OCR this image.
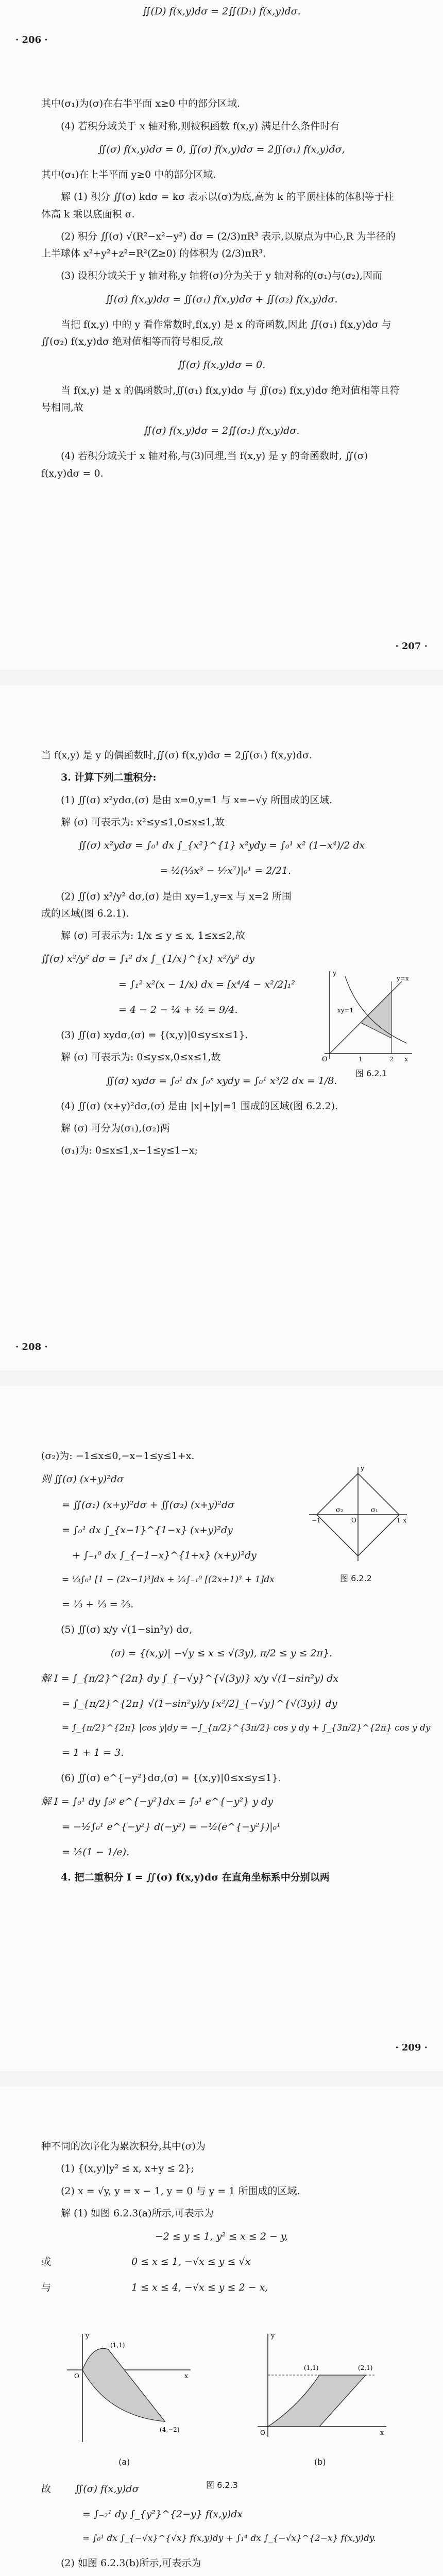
∬(D) f(x,y)dσ = 2∬(D₁) f(x,y)dσ.
· 206 ·

其中(σ₁)为(σ)在右半平面 x≥0 中的部分区域.

(4) 若积分域关于 x 轴对称,则被积函数 f(x,y) 满足什么条件时有

∬(σ) f(x,y)dσ = 0, ∬(σ) f(x,y)dσ = 2∬(σ₁) f(x,y)dσ,

其中(σ₁)在上半平面 y≥0 中的部分区域.

解 (1) 积分 ∬(σ) kdσ = kσ 表示以(σ)为底,高为 k 的平顶柱体的体积等于柱体高 k 乘以底面积 σ.

(2) 积分 ∬(σ) √(R²−x²−y²) dσ = (2/3)πR³ 表示,以原点为中心,R 为半径的上半球体 x²+y²+z²=R²(Z≥0) 的体积为 (2/3)πR³.

(3) 设积分域关于 y 轴对称,y 轴将(σ)分为关于 y 轴对称的(σ₁)与(σ₂),因而

∬(σ) f(x,y)dσ = ∬(σ₁) f(x,y)dσ + ∬(σ₂) f(x,y)dσ.

当把 f(x,y) 中的 y 看作常数时,f(x,y) 是 x 的奇函数,因此 ∬(σ₁) f(x,y)dσ 与 ∬(σ₂) f(x,y)dσ 绝对值相等而符号相反,故

∬(σ) f(x,y)dσ = 0.

当 f(x,y) 是 x 的偶函数时,∬(σ₁) f(x,y)dσ 与 ∬(σ₂) f(x,y)dσ 绝对值相等且符号相同,故

∬(σ) f(x,y)dσ = 2∬(σ₁) f(x,y)dσ.

(4) 若积分域关于 x 轴对称,与(3)同理,当 f(x,y) 是 y 的奇函数时, ∬(σ) f(x,y)dσ = 0.

· 207 ·

当 f(x,y) 是 y 的偶函数时,∬(σ) f(x,y)dσ = 2∬(σ₁) f(x,y)dσ.

3. 计算下列二重积分:

(1) ∬(σ) x²ydσ,(σ) 是由 x=0,y=1 与 x=−√y 所围成的区域.

解 (σ) 可表示为: x²≤y≤1,0≤x≤1,故

∬(σ) x²ydσ = ∫₀¹ dx ∫_{x²}^{1} x²ydy = ∫₀¹ x² (1−x⁴)/2 dx
= ½(⅓x³ − ⅐x⁷)|₀¹ = 2/21.

(2) ∬(σ) x²/y² dσ,(σ) 是由 xy=1,y=x 与 x=2 所围成的区域(图 6.2.1).

解 (σ) 可表示为: 1/x ≤ y ≤ x, 1≤x≤2,故

∬(σ) x²/y² dσ = ∫₁² dx ∫_{1/x}^{x} x²/y² dy
= ∫₁² x²(x − 1/x) dx = [x⁴/4 − x²/2]₁²
= 4 − 2 − ¼ + ½ = 9/4.

(3) ∬(σ) xydσ,(σ) = {(x,y)|0≤y≤x≤1}.

解 (σ) 可表示为: 0≤y≤x,0≤x≤1,故

∬(σ) xydσ = ∫₀¹ dx ∫₀ˣ xydy = ∫₀¹ x³/2 dx = 1/8.

(4) ∬(σ) (x+y)²dσ,(σ) 是由 |x|+|y|=1 围成的区域(图 6.2.2).

解 (σ) 可分为(σ₁),(σ₂)两

(σ₁)为: 0≤x≤1,x−1≤y≤1−x;

x
y
O	1	2
xy=1
y=x
图 6.2.1
· 208 ·

(σ₂)为: −1≤x≤0,−x−1≤y≤1+x.

则 ∬(σ) (x+y)²dσ
= ∬(σ₁) (x+y)²dσ + ∬(σ₂) (x+y)²dσ
= ∫₀¹ dx ∫_{x−1}^{1−x} (x+y)²dy
+ ∫₋₁⁰ dx ∫_{−1−x}^{1+x} (x+y)²dy
= ⅓∫₀¹ [1 − (2x−1)³]dx + ⅓∫₋₁⁰ [(2x+1)³ + 1]dx
= ⅓ + ⅓ = ⅔.

(5) ∬(σ) x/y √(1−sin²y) dσ,

(σ) = {(x,y)| −√y ≤ x ≤ √(3y), π/2 ≤ y ≤ 2π}.
解 I = ∫_{π/2}^{2π} dy ∫_{−√y}^{√(3y)} x/y √(1−sin²y) dx
= ∫_{π/2}^{2π} √(1−sin²y)/y [x²/2]_{−√y}^{√(3y)} dy
= ∫_{π/2}^{2π} |cos y|dy = −∫_{π/2}^{3π/2} cos y dy + ∫_{3π/2}^{2π} cos y dy
= 1 + 1 = 3.

(6) ∬(σ) e^{−y²}dσ,(σ) = {(x,y)|0≤x≤y≤1}.

解 I = ∫₀¹ dy ∫₀ʸ e^{−y²}dx = ∫₀¹ e^{−y²} y dy
= −½∫₀¹ e^{−y²} d(−y²) = −½(e^{−y²})|₀¹
= ½(1 − 1/e).

4. 把二重积分 I = ∬(σ) f(x,y)dσ 在直角坐标系中分别以两

x
y
O
σ₁
σ₂
1
−1
图 6.2.2
· 209 ·

种不同的次序化为累次积分,其中(σ)为

(1) {(x,y)|y² ≤ x, x+y ≤ 2};

(2) x = √y, y = x − 1, y = 0 与 y = 1 所围成的区域.

解 (1) 如图 6.2.3(a)所示,可表示为

−2 ≤ y ≤ 1, y² ≤ x ≤ 2 − y,
或	0 ≤ x ≤ 1, −√x ≤ y ≤ √x
与	1 ≤ x ≤ 4, −√x ≤ y ≤ 2 − x,
x
y
O
(1,1)
(4,−2)
(a)
x
y
O
(1,1)	(2,1)
(b)
图 6.2.3
故 ∬(σ) f(x,y)dσ
= ∫₋₂¹ dy ∫_{y²}^{2−y} f(x,y)dx
= ∫₀¹ dx ∫_{−√x}^{√x} f(x,y)dy + ∫₁⁴ dx ∫_{−√x}^{2−x} f(x,y)dy.

(2) 如图 6.2.3(b)所示,可表示为
